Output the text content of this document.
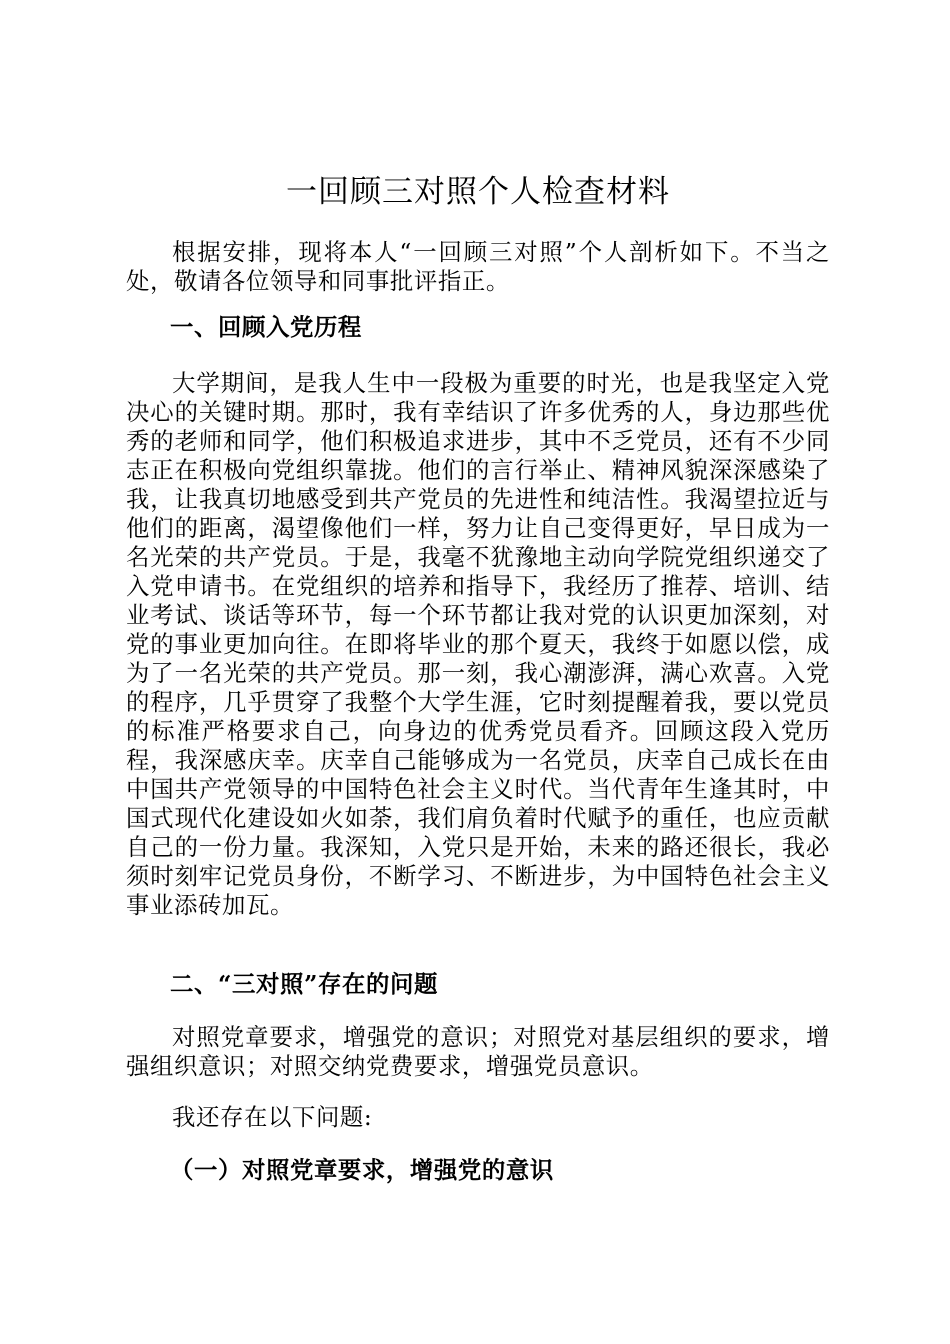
一回顾三对照个人检查材料

根据安排，现将本人“一回顾三对照”个人剖析如下。不当之处，敬请各位领导和同事批评指正。

一、回顾入党历程

大学期间，是我人生中一段极为重要的时光，也是我坚定入党决心的关键时期。那时，我有幸结识了许多优秀的人，身边那些优秀的老师和同学，他们积极追求进步，其中不乏党员，还有不少同志正在积极向党组织靠拢。他们的言行举止、精神风貌深深感染了我，让我真切地感受到共产党员的先进性和纯洁性。我渴望拉近与他们的距离，渴望像他们一样，努力让自己变得更好，早日成为一名光荣的共产党员。于是，我毫不犹豫地主动向学院党组织递交了入党申请书。在党组织的培养和指导下，我经历了推荐、培训、结业考试、谈话等环节，每一个环节都让我对党的认识更加深刻，对党的事业更加向往。在即将毕业的那个夏天，我终于如愿以偿，成为了一名光荣的共产党员。那一刻，我心潮澎湃，满心欢喜。入党的程序，几乎贯穿了我整个大学生涯，它时刻提醒着我，要以党员的标准严格要求自己，向身边的优秀党员看齐。回顾这段入党历程，我深感庆幸。庆幸自己能够成为一名党员，庆幸自己成长在由中国共产党领导的中国特色社会主义时代。当代青年生逢其时，中国式现代化建设如火如荼，我们肩负着时代赋予的重任，也应贡献自己的一份力量。我深知，入党只是开始，未来的路还很长，我必须时刻牢记党员身份，不断学习、不断进步，为中国特色社会主义事业添砖加瓦。

二、“三对照”存在的问题

对照党章要求，增强党的意识；对照党对基层组织的要求，增强组织意识；对照交纳党费要求，增强党员意识。

我还存在以下问题:

（一）对照党章要求，增强党的意识
